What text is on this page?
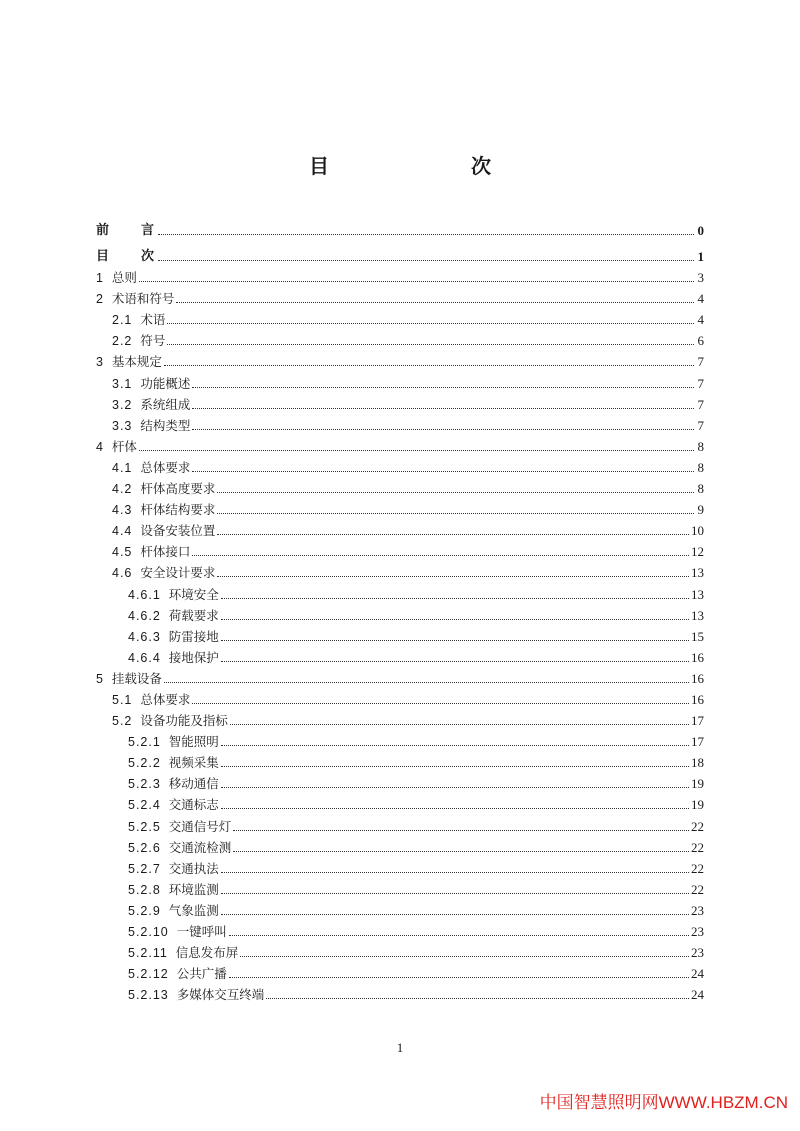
目　　次
前　　言	0
目　　次	1
1 总则	3
2 术语和符号	4
2.1 术语	4
2.2 符号	6
3 基本规定	7
3.1 功能概述	7
3.2 系统组成	7
3.3 结构类型	7
4 杆体	8
4.1 总体要求	8
4.2 杆体高度要求	8
4.3 杆体结构要求	9
4.4 设备安装位置	10
4.5 杆体接口	12
4.6 安全设计要求	13
4.6.1 环境安全	13
4.6.2 荷载要求	13
4.6.3 防雷接地	15
4.6.4 接地保护	16
5 挂载设备	16
5.1 总体要求	16
5.2 设备功能及指标	17
5.2.1 智能照明	17
5.2.2 视频采集	18
5.2.3 移动通信	19
5.2.4 交通标志	19
5.2.5 交通信号灯	22
5.2.6 交通流检测	22
5.2.7 交通执法	22
5.2.8 环境监测	22
5.2.9 气象监测	23
5.2.10 一键呼叫	23
5.2.11 信息发布屏	23
5.2.12 公共广播	24
5.2.13 多媒体交互终端	24
1
中国智慧照明网WWW.HBZM.CN
